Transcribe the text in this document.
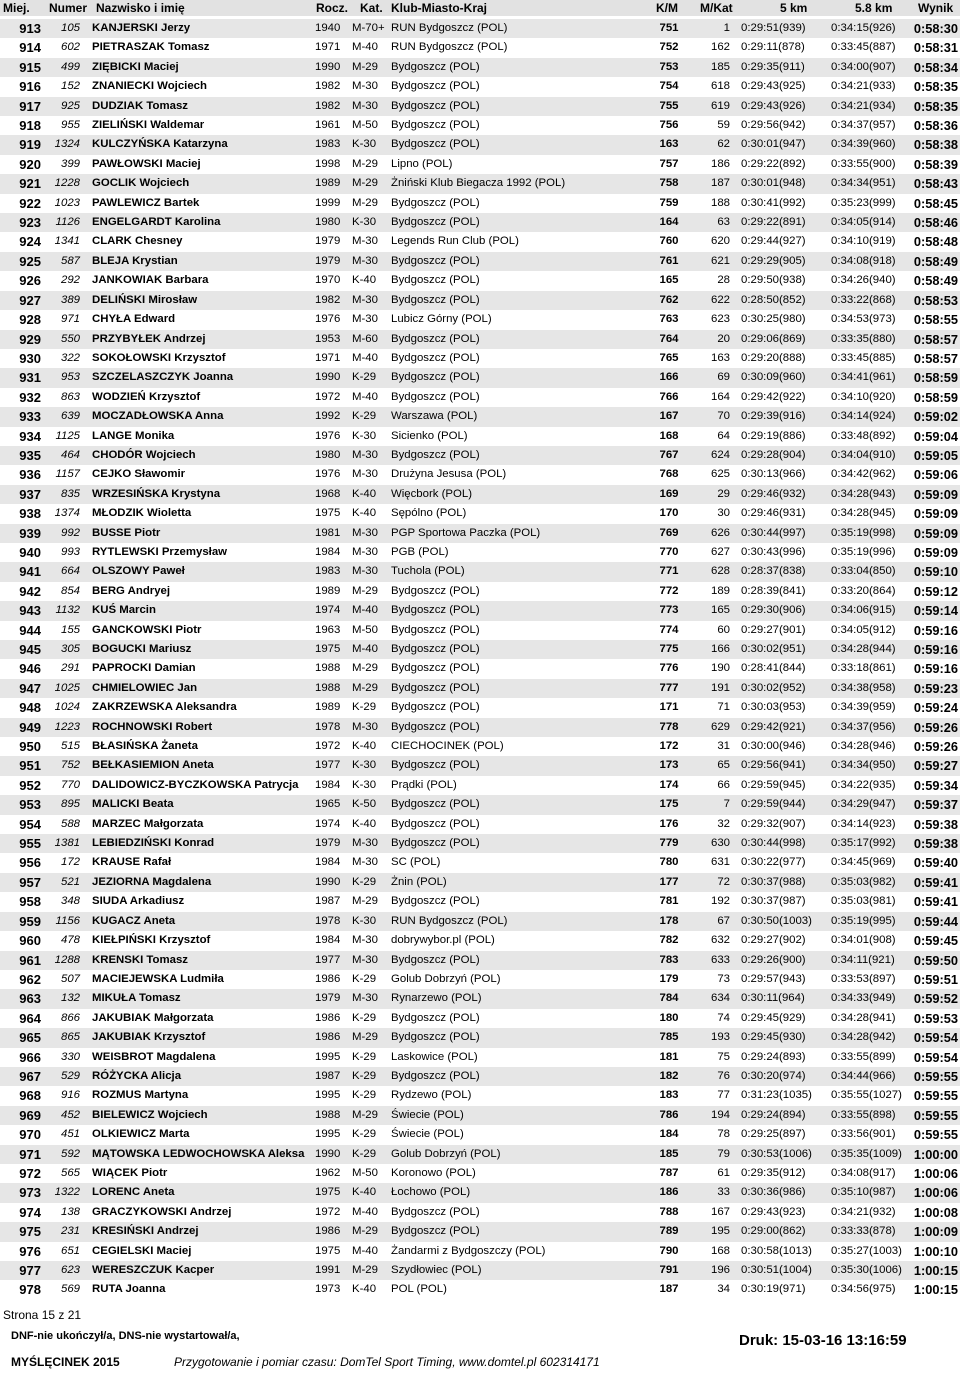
Miej. Numer Nazwisko i imię	Rocz. Kat. Klub-Miasto-Kraj	K/M M/Kat	5 km	5.8 km Wynik
913	105 KANJERSKI Jerzy	1940 M-70+ RUN Bydgoszcz (POL)	751	1 0:29:51(939) 0:34:15(926)	0:58:30
914	602 PIETRASZAK Tomasz	1971 M-40 RUN Bydgoszcz (POL)	752	162 0:29:11(878) 0:33:45(887)	0:58:31
915	499 ZIĘBICKI Maciej	1990 M-29 Bydgoszcz (POL)	753	185 0:29:35(911) 0:34:00(907)	0:58:34
916	152 ZNANIECKI Wojciech	1982 M-30 Bydgoszcz (POL)	754	618 0:29:43(925) 0:34:21(933)	0:58:35
917	925 DUDZIAK Tomasz	1982 M-30 Bydgoszcz (POL)	755	619 0:29:43(926) 0:34:21(934)	0:58:35
918	955 ZIELIŃSKI Waldemar	1961 M-50 Bydgoszcz (POL)	756	59 0:29:56(942) 0:34:37(957)	0:58:36
919	1324 KULCZYŃSKA Katarzyna	1983 K-30 Bydgoszcz (POL)	163	62 0:30:01(947) 0:34:39(960)	0:58:38
920	399 PAWŁOWSKI Maciej	1998 M-29 Lipno (POL)	757	186 0:29:22(892) 0:33:55(900)	0:58:39
921	1228 GOCLIK Wojciech	1989 M-29 Żniński Klub Biegacza 1992 (POL)	758	187 0:30:01(948) 0:34:34(951)	0:58:43
922	1023 PAWLEWICZ Bartek	1999 M-29 Bydgoszcz (POL)	759	188 0:30:41(992) 0:35:23(999)	0:58:45
923	1126 ENGELGARDT Karolina	1980 K-30 Bydgoszcz (POL)	164	63 0:29:22(891) 0:34:05(914)	0:58:46
924	1341 CLARK Chesney	1979 M-30 Legends Run Club (POL)	760	620 0:29:44(927) 0:34:10(919)	0:58:48
925	587 BLEJA Krystian	1979 M-30 Bydgoszcz (POL)	761	621 0:29:29(905) 0:34:08(918)	0:58:49
926	292 JANKOWIAK Barbara	1970 K-40 Bydgoszcz (POL)	165	28 0:29:50(938) 0:34:26(940)	0:58:49
927	389 DELIŃSKI Mirosław	1982 M-30 Bydgoszcz (POL)	762	622 0:28:50(852) 0:33:22(868)	0:58:53
928	971 CHYŁA Edward	1976 M-30 Lubicz Górny (POL)	763	623 0:30:25(980) 0:34:53(973)	0:58:55
929	550 PRZYBYŁEK Andrzej	1953 M-60 Bydgoszcz (POL)	764	20 0:29:06(869) 0:33:35(880)	0:58:57
930	322 SOKOŁOWSKI Krzysztof	1971 M-40 Bydgoszcz (POL)	765	163 0:29:20(888) 0:33:45(885)	0:58:57
931	953 SZCZELASZCZYK Joanna	1990 K-29 Bydgoszcz (POL)	166	69 0:30:09(960) 0:34:41(961)	0:58:59
932	863 WODZIEŃ Krzysztof	1972 M-40 Bydgoszcz (POL)	766	164 0:29:42(922) 0:34:10(920)	0:58:59
933	639 MOCZADŁOWSKA Anna	1992 K-29 Warszawa (POL)	167	70 0:29:39(916) 0:34:14(924)	0:59:02
934	1125 LANGE Monika	1976 K-30 Sicienko (POL)	168	64 0:29:19(886) 0:33:48(892)	0:59:04
935	464 CHODÓR Wojciech	1980 M-30 Bydgoszcz (POL)	767	624 0:29:28(904) 0:34:04(910)	0:59:05
936	1157 CEJKO Sławomir	1976 M-30 Drużyna Jesusa (POL)	768	625 0:30:13(966) 0:34:42(962)	0:59:06
937	835 WRZESIŃSKA Krystyna	1968 K-40 Więcbork (POL)	169	29 0:29:46(932) 0:34:28(943)	0:59:09
938	1374 MŁODZIK Wioletta	1975 K-40 Sępólno (POL)	170	30 0:29:46(931) 0:34:28(945)	0:59:09
939	992 BUSSE Piotr	1981 M-30 PGP Sportowa Paczka (POL)	769	626 0:30:44(997) 0:35:19(998)	0:59:09
940	993 RYTLEWSKI Przemysław	1984 M-30 PGB (POL)	770	627 0:30:43(996) 0:35:19(996)	0:59:09
941	664 OLSZOWY Paweł	1983 M-30 Tuchola (POL)	771	628 0:28:37(838) 0:33:04(850)	0:59:10
942	854 BERG Andryej	1989 M-29 Bydgoszcz (POL)	772	189 0:28:39(841) 0:33:20(864)	0:59:12
943	1132 KUŚ Marcin	1974 M-40 Bydgoszcz (POL)	773	165 0:29:30(906) 0:34:06(915)	0:59:14
944	155 GANCKOWSKI Piotr	1963 M-50 Bydgoszcz (POL)	774	60 0:29:27(901) 0:34:05(912)	0:59:16
945	305 BOGUCKI Mariusz	1975 M-40 Bydgoszcz (POL)	775	166 0:30:02(951) 0:34:28(944)	0:59:16
946	291 PAPROCKI Damian	1988 M-29 Bydgoszcz (POL)	776	190 0:28:41(844) 0:33:18(861)	0:59:16
947	1025 CHMIELOWIEC Jan	1988 M-29 Bydgoszcz (POL)	777	191 0:30:02(952) 0:34:38(958)	0:59:23
948	1024 ZAKRZEWSKA Aleksandra	1989 K-29 Bydgoszcz (POL)	171	71 0:30:03(953) 0:34:39(959)	0:59:24
949	1223 ROCHNOWSKI Robert	1978 M-30 Bydgoszcz (POL)	778	629 0:29:42(921) 0:34:37(956)	0:59:26
950	515 BŁASIŃSKA Żaneta	1972 K-40 CIECHOCINEK (POL)	172	31 0:30:00(946) 0:34:28(946)	0:59:26
951	752 BEŁKASIEMION Aneta	1977 K-30 Bydgoszcz (POL)	173	65 0:29:56(941) 0:34:34(950)	0:59:27
952	770 DALIDOWICZ-BYCZKOWSKA Patrycja	1984 K-30 Prądki (POL)	174	66 0:29:59(945) 0:34:22(935)	0:59:34
953	895 MALICKI Beata	1965 K-50 Bydgoszcz (POL)	175	7 0:29:59(944) 0:34:29(947)	0:59:37
954	588 MARZEC Małgorzata	1974 K-40 Bydgoszcz (POL)	176	32 0:29:32(907) 0:34:14(923)	0:59:38
955	1381 LEBIEDZIŃSKI Konrad	1979 M-30 Bydgoszcz (POL)	779	630 0:30:44(998) 0:35:17(992)	0:59:38
956	172 KRAUSE Rafał	1984 M-30 SC (POL)	780	631 0:30:22(977) 0:34:45(969)	0:59:40
957	521 JEZIORNA Magdalena	1990 K-29 Żnin (POL)	177	72 0:30:37(988) 0:35:03(982)	0:59:41
958	348 SIUDA Arkadiusz	1987 M-29 Bydgoszcz (POL)	781	192 0:30:37(987) 0:35:03(981)	0:59:41
959	1156 KUGACZ Aneta	1978 K-30 RUN Bydgoszcz (POL)	178	67 0:30:50(1003) 0:35:19(995)	0:59:44
960	478 KIEŁPIŃSKI Krzysztof	1984 M-30 dobrywybor.pl (POL)	782	632 0:29:27(902) 0:34:01(908)	0:59:45
961	1288 KRENSKI Tomasz	1977 M-30 Bydgoszcz (POL)	783	633 0:29:26(900) 0:34:11(921)	0:59:50
962	507 MACIEJEWSKA Ludmiła	1986 K-29 Golub Dobrzyń (POL)	179	73 0:29:57(943) 0:33:53(897)	0:59:51
963	132 MIKUŁA Tomasz	1979 M-30 Rynarzewo (POL)	784	634 0:30:11(964) 0:34:33(949)	0:59:52
964	866 JAKUBIAK Małgorzata	1986 K-29 Bydgoszcz (POL)	180	74 0:29:45(929) 0:34:28(941)	0:59:53
965	865 JAKUBIAK Krzysztof	1986 M-29 Bydgoszcz (POL)	785	193 0:29:45(930) 0:34:28(942)	0:59:54
966	330 WEISBROT Magdalena	1995 K-29 Laskowice (POL)	181	75 0:29:24(893) 0:33:55(899)	0:59:54
967	529 RÓŻYCKA Alicja	1987 K-29 Bydgoszcz (POL)	182	76 0:30:20(974) 0:34:44(966)	0:59:55
968	916 ROZMUS Martyna	1995 K-29 Rydzewo (POL)	183	77 0:31:23(1035) 0:35:55(1027) 0:59:55
969	452 BIELEWICZ Wojciech	1988 M-29 Świecie (POL)	786	194 0:29:24(894) 0:33:55(898)	0:59:55
970	451 OLKIEWICZ Marta	1995 K-29 Świecie (POL)	184	78 0:29:25(897) 0:33:56(901)	0:59:55
971	592 MĄTOWSKA LEDWOCHOWSKA Aleksa 1990 K-29 Golub Dobrzyń (POL)	185	79 0:30:53(1006) 0:35:35(1009) 1:00:00
972	565 WIĄCEK Piotr	1962 M-50 Koronowo (POL)	787	61 0:29:35(912) 0:34:08(917)	1:00:06
973	1322 LORENC Aneta	1975 K-40 Łochowo (POL)	186	33 0:30:36(986) 0:35:10(987)	1:00:06
974	138 GRACZYKOWSKI Andrzej	1972 M-40 Bydgoszcz (POL)	788	167 0:29:43(923) 0:34:21(932)	1:00:08
975	231 KRESIŃSKI Andrzej	1986 M-29 Bydgoszcz (POL)	789	195 0:29:00(862) 0:33:33(878)	1:00:09
976	651 CEGIELSKI Maciej	1975 M-40 Żandarmi z Bydgoszczy (POL)	790	168 0:30:58(1013) 0:35:27(1003) 1:00:10
977	623 WERESZCZUK Kacper	1991 M-29 Szydłowiec (POL)	791	196 0:30:51(1004) 0:35:30(1006) 1:00:15
978	569 RUTA Joanna	1973 K-40 POL (POL)	187	34 0:30:19(971) 0:34:56(975)	1:00:15
Strona 15 z 21
DNF-nie ukończył/a, DNS-nie wystartował/a,
MYŚLĘCINEK 2015	Przygotowanie i pomiar czasu: DomTel Sport Timing, www.domtel.pl 602314171
Druk: 15-03-16 13:16:59
